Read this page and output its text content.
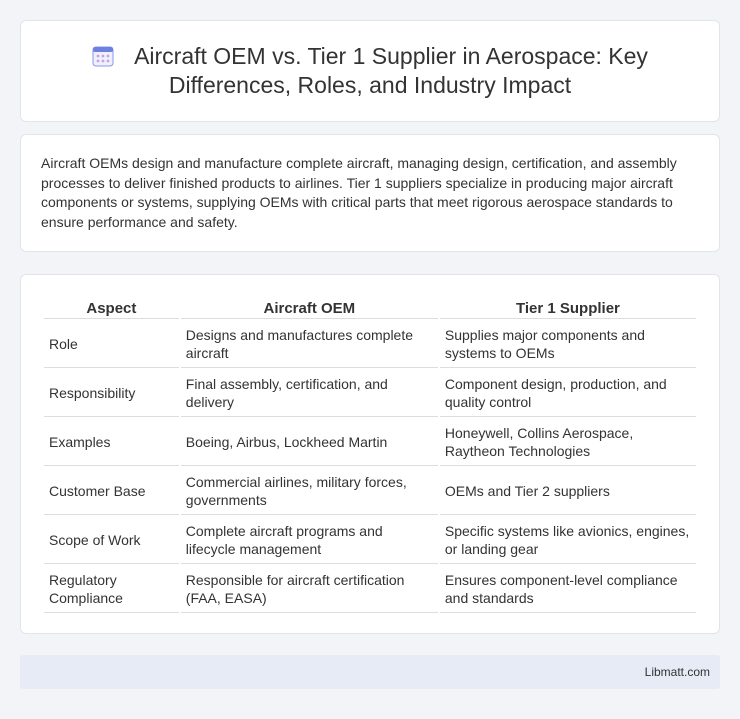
Aircraft OEM vs. Tier 1 Supplier in Aerospace: Key Differences, Roles, and Industry Impact

Aircraft OEMs design and manufacture complete aircraft, managing design, certification, and assembly processes to deliver finished products to airlines. Tier 1 suppliers specialize in producing major aircraft components or systems, supplying OEMs with critical parts that meet rigorous aerospace standards to ensure performance and safety.

Aspect	Aircraft OEM	Tier 1 Supplier
Role	Designs and manufactures complete aircraft	Supplies major components and systems to OEMs
Responsibility	Final assembly, certification, and delivery	Component design, production, and quality control
Examples	Boeing, Airbus, Lockheed Martin	Honeywell, Collins Aerospace, Raytheon Technologies
Customer Base	Commercial airlines, military forces, governments	OEMs and Tier 2 suppliers
Scope of Work	Complete aircraft programs and lifecycle management	Specific systems like avionics, engines, or landing gear
Regulatory Compliance	Responsible for aircraft certification (FAA, EASA)	Ensures component-level compliance and standards
Libmatt.com
